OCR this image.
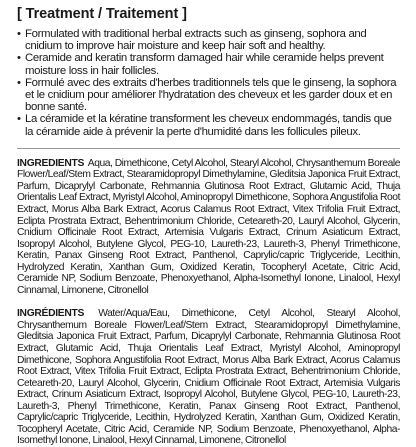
[ Treatment / Traitement ]
• Formulated with traditional herbal extracts such as ginseng, sophora and cnidium to improve hair moisture and keep hair soft and healthy.
• Ceramide and keratin transform damaged hair while ceramide helps prevent moisture loss in hair follicles.
• Formulé avec des extraits d'herbes traditionnels tels que le ginseng, la sophora et le cnidium pour améliorer l'hydratation des cheveux et les garder doux et en bonne santé.
• La céramide et la kératine transforment les cheveux endommagés, tandis que la céramide aide à prévenir la perte d'humidité dans les follicules pileux.

INGREDIENTS Aqua, Dimethicone, Cetyl Alcohol, Stearyl Alcohol, Chrysanthemum Boreale Flower/Leaf/Stem Extract, Stearamidopropyl Dimethylamine, Gleditsia Japonica Fruit Extract, Parfum, Dicaprylyl Carbonate, Rehmannia Glutinosa Root Extract, Glutamic Acid, Thuja Orientalis Leaf Extract, Myristyl Alcohol, Aminopropyl Dimethicone, Sophora Angustifolia Root Extract, Morus Alba Bark Extract, Acorus Calamus Root Extract, Vitex Trifolia Fruit Extract, Eclipta Prostrata Extract, Behentrimonium Chloride, Ceteareth-20, Lauryl Alcohol, Glycerin, Cnidium Officinale Root Extract, Artemisia Vulgaris Extract, Crinum Asiaticum Extract, Isopropyl Alcohol, Butylene Glycol, PEG-10, Laureth-23, Laureth-3, Phenyl Trimethicone, Keratin, Panax Ginseng Root Extract, Panthenol, Caprylic/capric Triglyceride, Lecithin, Hydrolyzed Keratin, Xanthan Gum, Oxidized Keratin, Tocopheryl Acetate, Citric Acid, Ceramide NP, Sodium Benzoate, Phenoxyethanol, Alpha-Isomethyl Ionone, Linalool, Hexyl Cinnamal, Limonene, Citronellol

INGRÉDIENTS Water/Aqua/Eau, Dimethicone, Cetyl Alcohol, Stearyl Alcohol, Chrysanthemum Boreale Flower/Leaf/Stem Extract, Stearamidopropyl Dimethylamine, Gleditsia Japonica Fruit Extract, Parfum, Dicaprylyl Carbonate, Rehmannia Glutinosa Root Extract, Glutamic Acid, Thuja Orientalis Leaf Extract, Myristyl Alcohol, Aminopropyl Dimethicone, Sophora Angustifolia Root Extract, Morus Alba Bark Extract, Acorus Calamus Root Extract, Vitex Trifolia Fruit Extract, Eclipta Prostrata Extract, Behentrimonium Chloride, Ceteareth-20, Lauryl Alcohol, Glycerin, Cnidium Officinale Root Extract, Artemisia Vulgaris Extract, Crinum Asiaticum Extract, Isopropyl Alcohol, Butylene Glycol, PEG-10, Laureth-23, Laureth-3, Phenyl Trimethicone, Keratin, Panax Ginseng Root Extract, Panthenol, Caprylic/capric Triglyceride, Lecithin, Hydrolyzed Keratin, Xanthan Gum, Oxidized Keratin, Tocopheryl Acetate, Citric Acid, Ceramide NP, Sodium Benzoate, Phenoxyethanol, Alpha-Isomethyl Ionone, Linalool, Hexyl Cinnamal, Limonene, Citronellol
